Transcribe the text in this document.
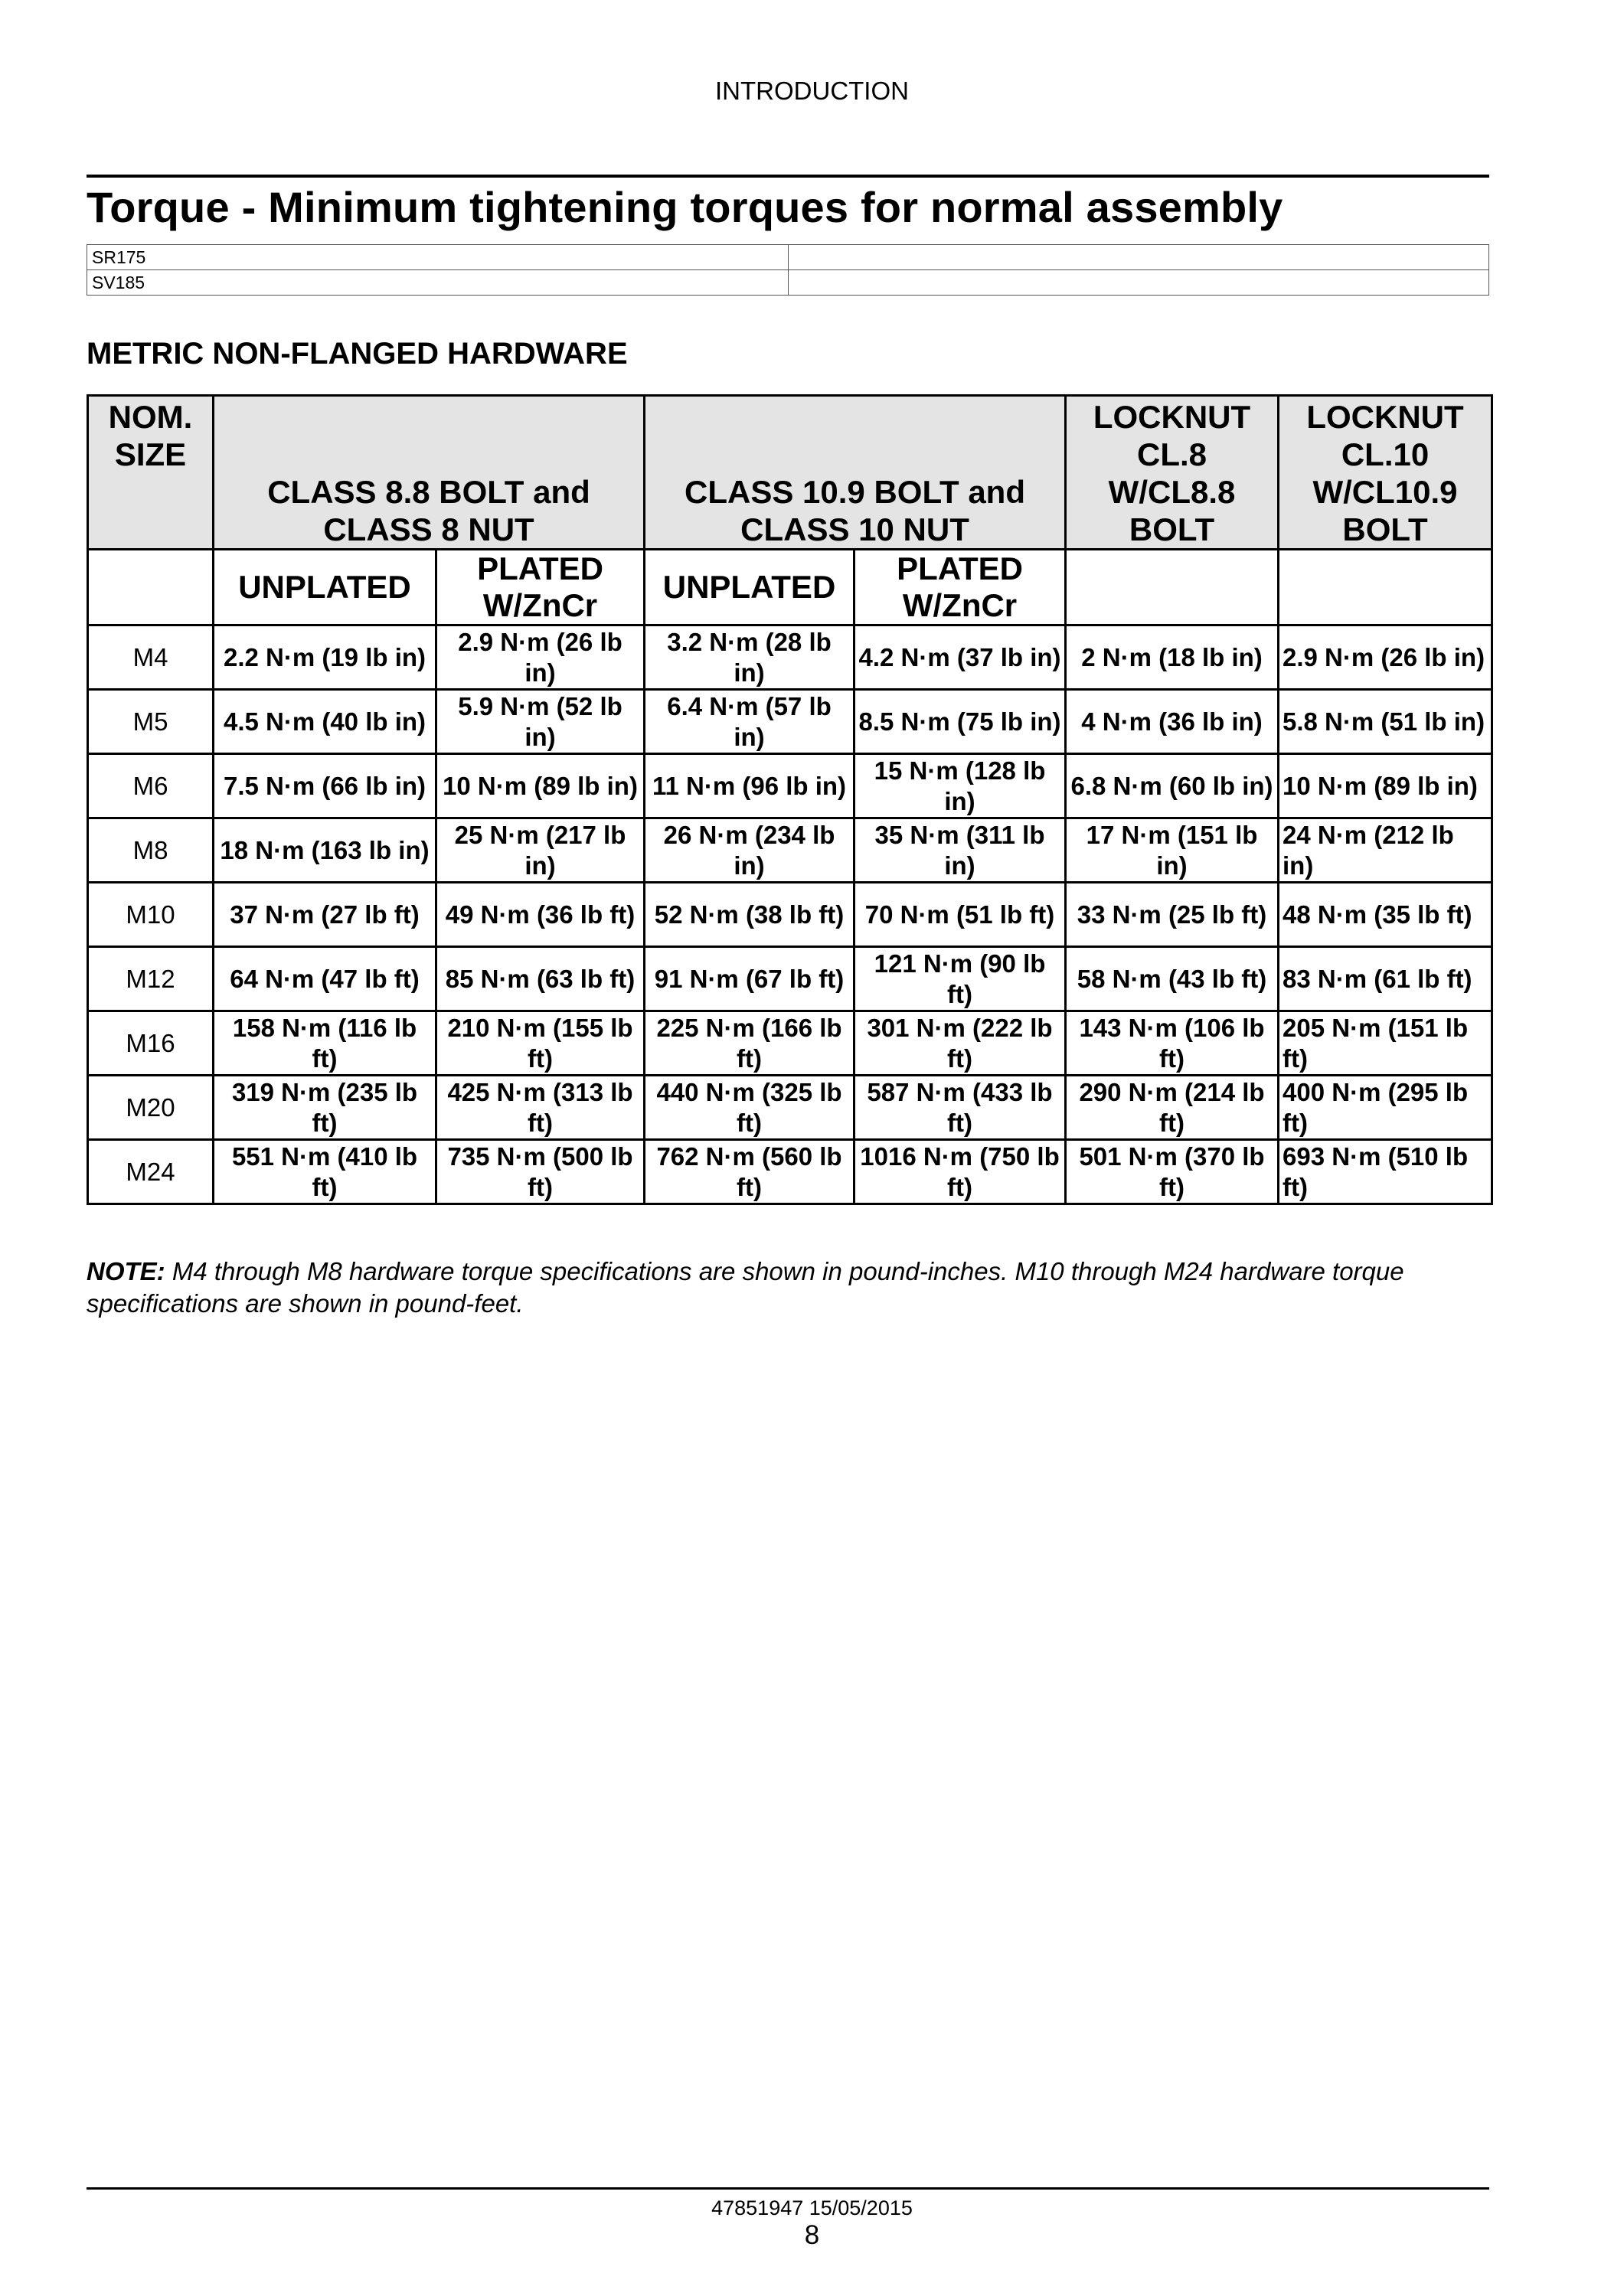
INTRODUCTION
Torque - Minimum tightening torques for normal assembly
SR175	
SV185	
METRIC NON-FLANGED HARDWARE
NOM. SIZE	CLASS 8.8 BOLT and CLASS 8 NUT		CLASS 10.9 BOLT and CLASS 10 NUT		LOCKNUT CL.8 W/CL8.8 BOLT	LOCKNUT CL.10 W/CL10.9 BOLT
	UNPLATED	PLATED W/ZnCr	UNPLATED	PLATED W/ZnCr		
M4	2.2 N·m (19 lb in)	2.9 N·m (26 lb in)	3.2 N·m (28 lb in)	4.2 N·m (37 lb in)	2 N·m (18 lb in)	2.9 N·m (26 lb in)
M5	4.5 N·m (40 lb in)	5.9 N·m (52 lb in)	6.4 N·m (57 lb in)	8.5 N·m (75 lb in)	4 N·m (36 lb in)	5.8 N·m (51 lb in)
M6	7.5 N·m (66 lb in)	10 N·m (89 lb in)	11 N·m (96 lb in)	15 N·m (128 lb in)	6.8 N·m (60 lb in)	10 N·m (89 lb in)
M8	18 N·m (163 lb in)	25 N·m (217 lb in)	26 N·m (234 lb in)	35 N·m (311 lb in)	17 N·m (151 lb in)	24 N·m (212 lb in)
M10	37 N·m (27 lb ft)	49 N·m (36 lb ft)	52 N·m (38 lb ft)	70 N·m (51 lb ft)	33 N·m (25 lb ft)	48 N·m (35 lb ft)
M12	64 N·m (47 lb ft)	85 N·m (63 lb ft)	91 N·m (67 lb ft)	121 N·m (90 lb ft)	58 N·m (43 lb ft)	83 N·m (61 lb ft)
M16	158 N·m (116 lb ft)	210 N·m (155 lb ft)	225 N·m (166 lb ft)	301 N·m (222 lb ft)	143 N·m (106 lb ft)	205 N·m (151 lb ft)
M20	319 N·m (235 lb ft)	425 N·m (313 lb ft)	440 N·m (325 lb ft)	587 N·m (433 lb ft)	290 N·m (214 lb ft)	400 N·m (295 lb ft)
M24	551 N·m (410 lb ft)	735 N·m (500 lb ft)	762 N·m (560 lb ft)	1016 N·m (750 lb ft)	501 N·m (370 lb ft)	693 N·m (510 lb ft)
NOTE: M4 through M8 hardware torque specifications are shown in pound-inches. M10 through M24 hardware torque specifications are shown in pound-feet.
47851947 15/05/2015
8
